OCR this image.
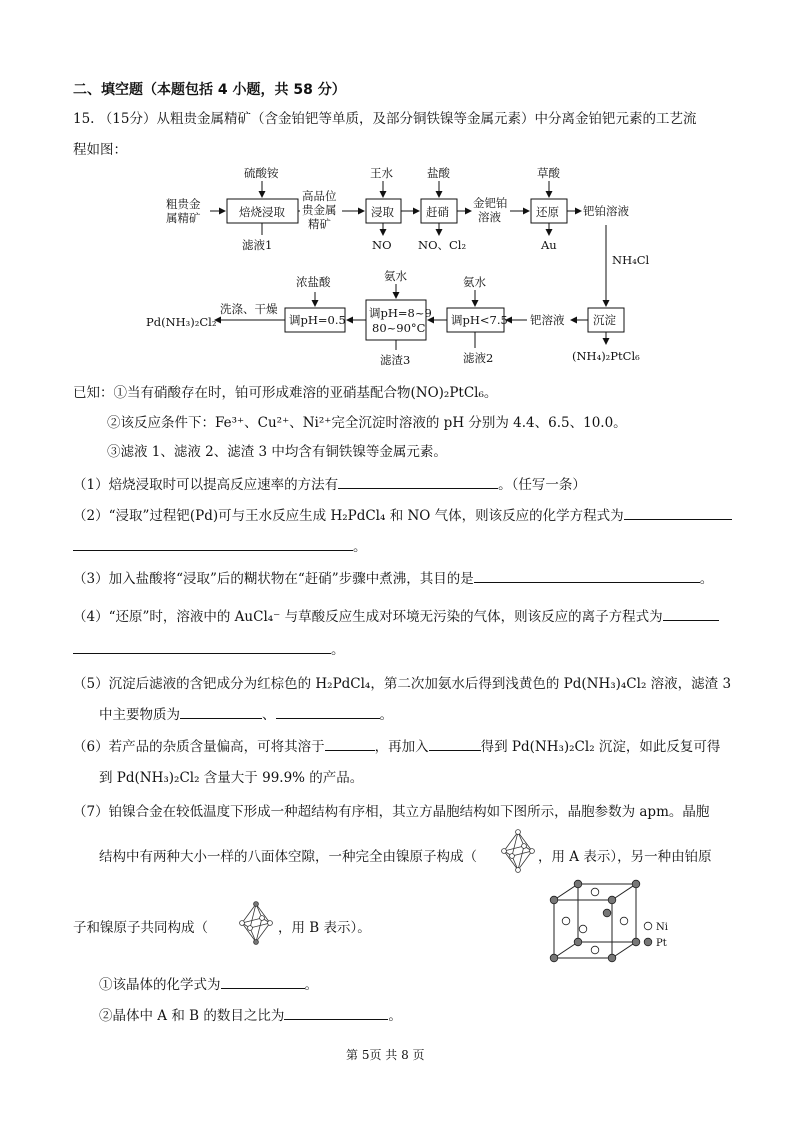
二、填空题（本题包括 4 小题，共 58 分）
15. （15分）从粗贵金属精矿（含金铂钯等单质，及部分铜铁镍等金属元素）中分离金铂钯元素的工艺流
程如图：
粗贵金
属精矿
硫酸铵
焙烧浸取
滤液1
高品位
贵金属
精矿
王水
浸取
NO
盐酸
赶硝
NO、Cl₂
金钯铂
溶液
草酸
还原
Au
钯铂溶液
NH₄Cl
沉淀
(NH₄)₂PtCl₆
钯溶液
氨水
调pH<7.5
滤液2
氨水
调pH=8~9
80~90°C
滤渣3
浓盐酸
调pH=0.5
洗涤、干燥
Pd(NH₃)₂Cl₂
已知：①当有硝酸存在时，铂可形成难溶的亚硝基配合物(NO)₂PtCl₆。
②该反应条件下：Fe³⁺、Cu²⁺、Ni²⁺完全沉淀时溶液的 pH 分别为 4.4、6.5、10.0。
③滤液 1、滤液 2、滤渣 3 中均含有铜铁镍等金属元素。
（1）焙烧浸取时可以提高反应速率的方法有	。（任写一条）
（2）“浸取”过程钯(Pd)可与王水反应生成 H₂PdCl₄ 和 NO 气体，则该反应的化学方程式为
。
（3）加入盐酸将“浸取”后的糊状物在“赶硝”步骤中煮沸，其目的是	。
（4）“还原”时，溶液中的 AuCl₄⁻ 与草酸反应生成对环境无污染的气体，则该反应的离子方程式为
。
（5）沉淀后滤液的含钯成分为红棕色的 H₂PdCl₄，第二次加氨水后得到浅黄色的 Pd(NH₃)₄Cl₂ 溶液，滤渣 3
中主要物质为	、	。
（6）若产品的杂质含量偏高，可将其溶于	，再加入	得到 Pd(NH₃)₂Cl₂ 沉淀，如此反复可得
到 Pd(NH₃)₂Cl₂ 含量大于 99.9% 的产品。
（7）铂镍合金在较低温度下形成一种超结构有序相，其立方晶胞结构如下图所示，晶胞参数为 apm。晶胞
结构中有两种大小一样的八面体空隙，一种完全由镍原子构成（	，用 A 表示），另一种由铂原
子和镍原子共同构成（	，用 B 表示）。	Ni
Pt
①该晶体的化学式为	。
②晶体中 A 和 B 的数目之比为	。
第 5页 共 8 页
